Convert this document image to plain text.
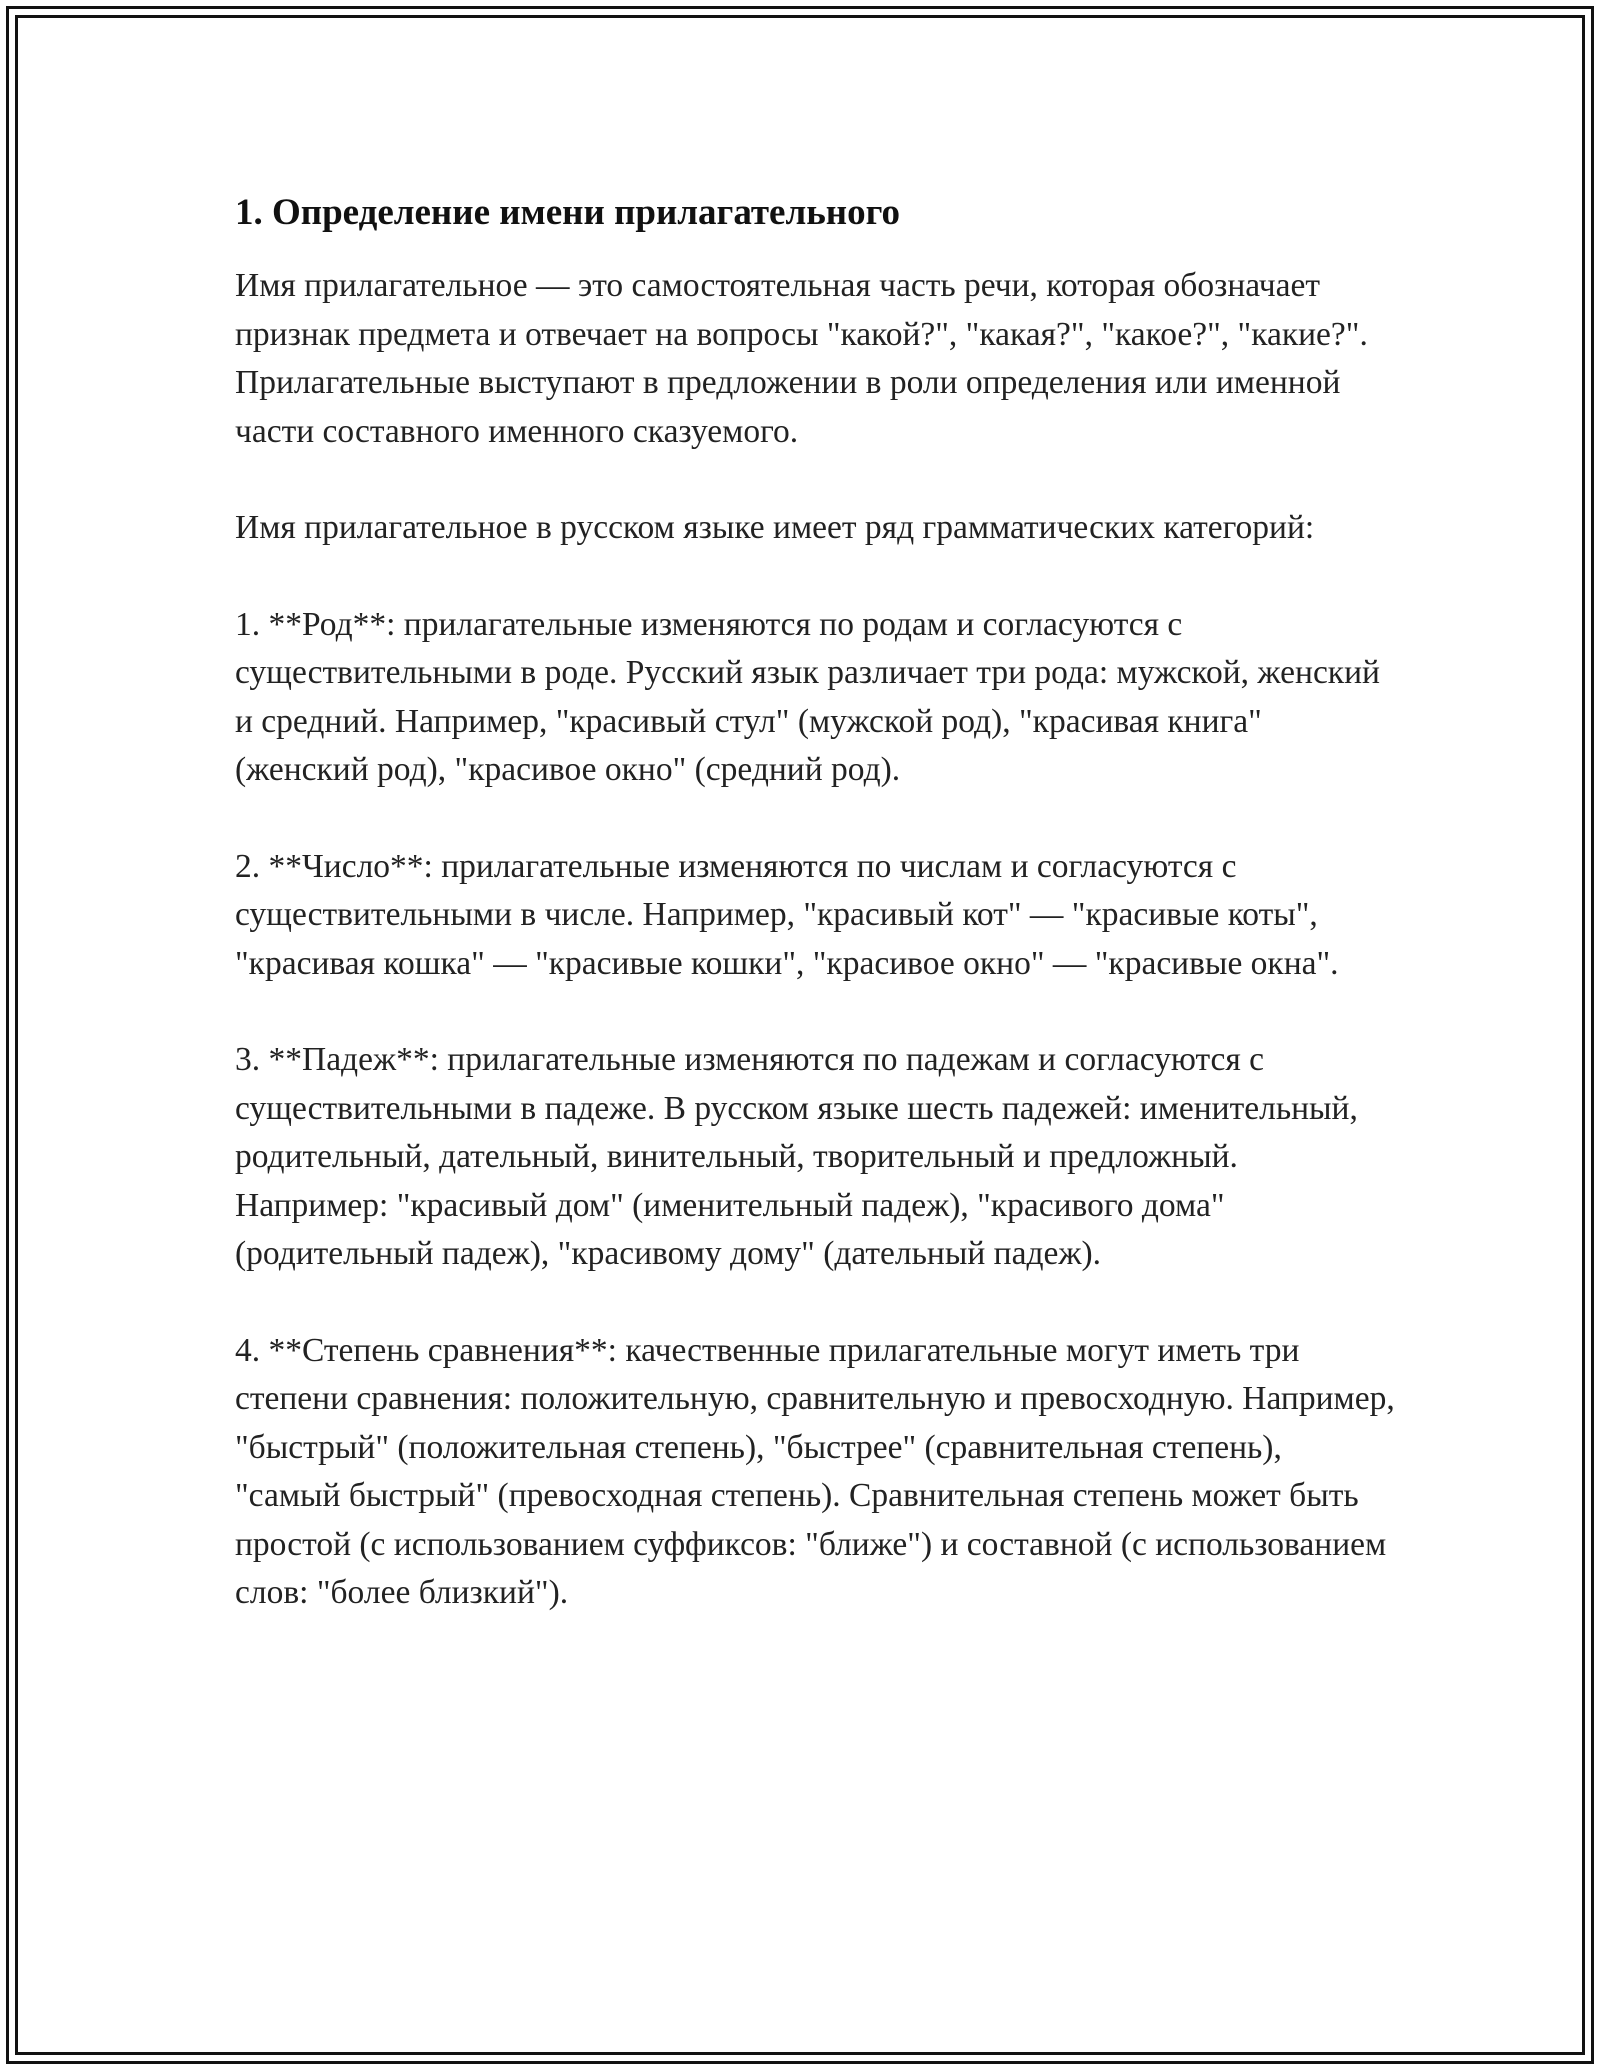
1. Определение имени прилагательного

Имя прилагательное — это самостоятельная часть речи, которая обозначает признак предмета и отвечает на вопросы "какой?", "какая?", "какое?", "какие?". Прилагательные выступают в предложении в роли определения или именной части составного именного сказуемого.

Имя прилагательное в русском языке имеет ряд грамматических категорий:

1. **Род**: прилагательные изменяются по родам и согласуются с существительными в роде. Русский язык различает три рода: мужской, женский и средний. Например, "красивый стул" (мужской род), "красивая книга" (женский род), "красивое окно" (средний род).

2. **Число**: прилагательные изменяются по числам и согласуются с существительными в числе. Например, "красивый кот" — "красивые коты", "красивая кошка" — "красивые кошки", "красивое окно" — "красивые окна".

3. **Падеж**: прилагательные изменяются по падежам и согласуются с существительными в падеже. В русском языке шесть падежей: именительный, родительный, дательный, винительный, творительный и предложный. Например: "красивый дом" (именительный падеж), "красивого дома" (родительный падеж), "красивому дому" (дательный падеж).

4. **Степень сравнения**: качественные прилагательные могут иметь три степени сравнения: положительную, сравнительную и превосходную. Например, "быстрый" (положительная степень), "быстрее" (сравнительная степень), "самый быстрый" (превосходная степень). Сравнительная степень может быть простой (с использованием суффиксов: "ближе") и составной (с использованием слов: "более близкий").
